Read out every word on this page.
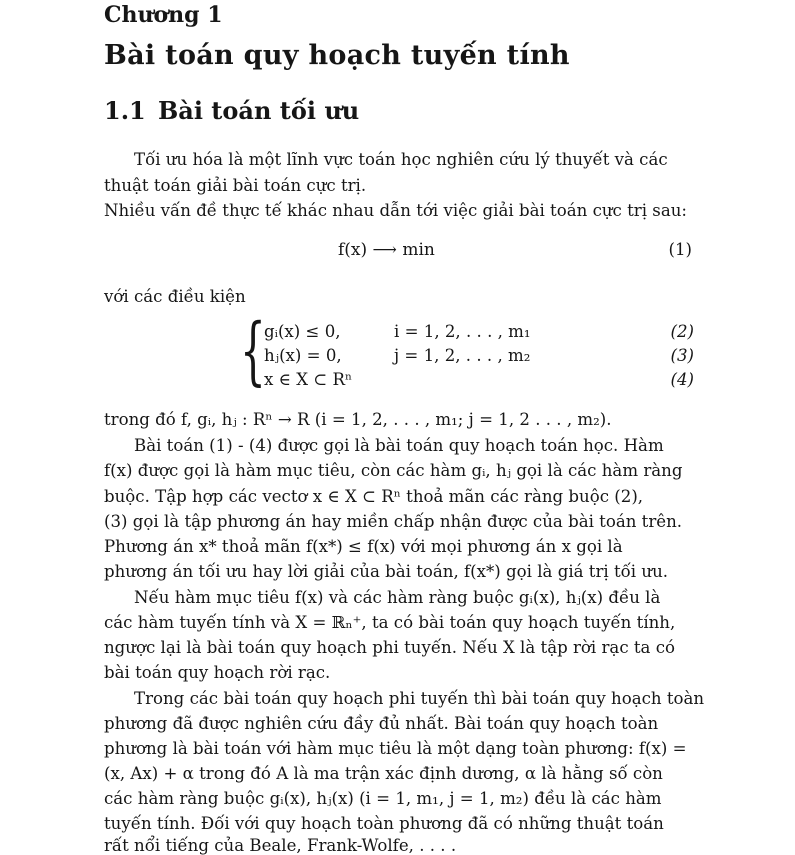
Chương 1
Bài toán quy hoạch tuyến tính
1.1 Bài toán tối ưu
Tối ưu hóa là một lĩnh vực toán học nghiên cứu lý thuyết và các
thuật toán giải bài toán cực trị.
Nhiều vấn đề thực tế khác nhau dẫn tới việc giải bài toán cực trị sau:
f(x) ⟶ min	(1)
với các điều kiện
{
gᵢ(x) ≤ 0,	i = 1, 2, . . . , m₁	(2)
hⱼ(x) = 0,	j = 1, 2, . . . , m₂	(3)
x ∈ X ⊂ Rⁿ	(4)
trong đó f, gᵢ, hⱼ : Rⁿ → R (i = 1, 2, . . . , m₁; j = 1, 2 . . . , m₂).
Bài toán (1) - (4) được gọi là bài toán quy hoạch toán học. Hàm
f(x) được gọi là hàm mục tiêu, còn các hàm gᵢ, hⱼ gọi là các hàm ràng
buộc. Tập hợp các vectơ x ∈ X ⊂ Rⁿ thoả mãn các ràng buộc (2),
(3) gọi là tập phương án hay miền chấp nhận được của bài toán trên.
Phương án x* thoả mãn f(x*) ≤ f(x) với mọi phương án x gọi là
phương án tối ưu hay lời giải của bài toán, f(x*) gọi là giá trị tối ưu.
Nếu hàm mục tiêu f(x) và các hàm ràng buộc gᵢ(x), hⱼ(x) đều là
các hàm tuyến tính và X = ℝₙ⁺, ta có bài toán quy hoạch tuyến tính,
ngược lại là bài toán quy hoạch phi tuyến. Nếu X là tập rời rạc ta có
bài toán quy hoạch rời rạc.
Trong các bài toán quy hoạch phi tuyến thì bài toán quy hoạch toàn
phương đã được nghiên cứu đầy đủ nhất. Bài toán quy hoạch toàn
phương là bài toán với hàm mục tiêu là một dạng toàn phương: f(x) =
(x, Ax) + α trong đó A là ma trận xác định dương, α là hằng số còn
các hàm ràng buộc gᵢ(x), hⱼ(x) (i = 1, m₁, j = 1, m₂) đều là các hàm
tuyến tính. Đối với quy hoạch toàn phương đã có những thuật toán
rất nổi tiếng của Beale, Frank-Wolfe, . . . .
